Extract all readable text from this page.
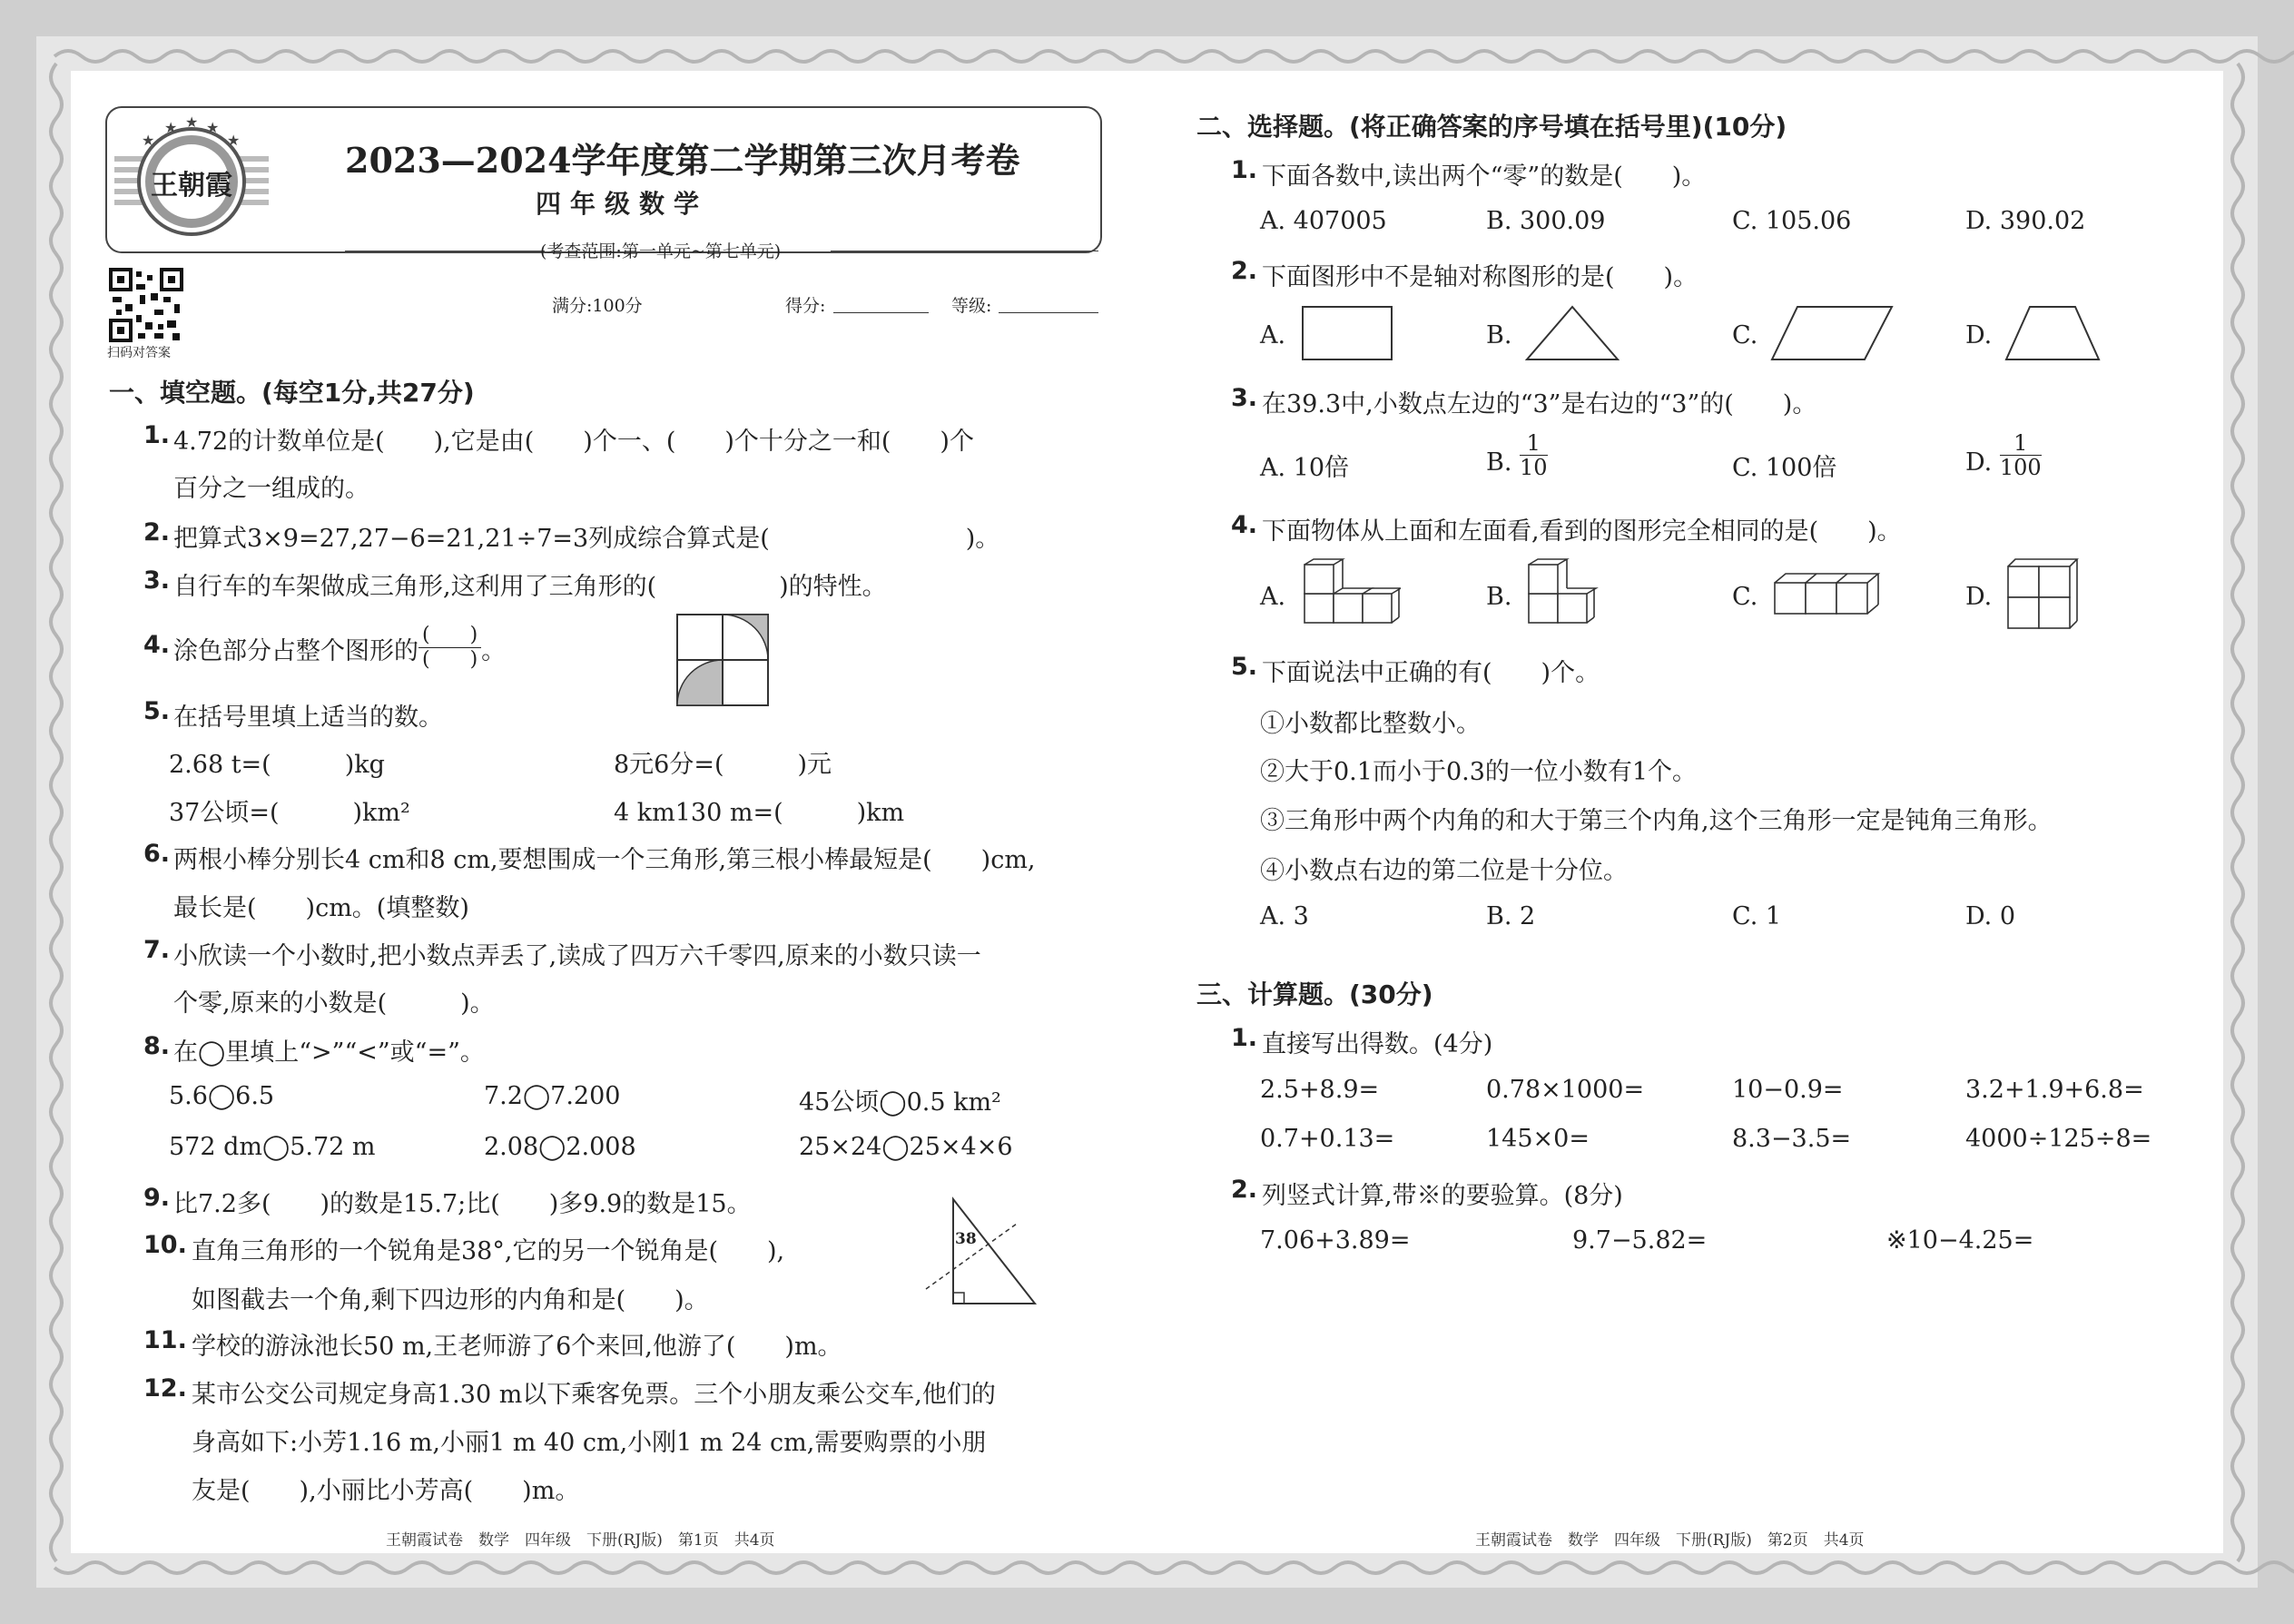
★
★ ★ ★
★
王朝霞
2023—2024学年度第二学期第三次月考卷
四年级数学
(考查范围:第一单元~第七单元)
扫码对答案
满分:100分	得分:	等级:
一、填空题。(每空1分,共27分)
1. 4.72的计数单位是(　　),它是由(　　)个一、(　　)个十分之一和(　　)个
百分之一组成的。
2. 把算式3×9=27,27−6=21,21÷7=3列成综合算式是(　　　　　　　　)。
3. 自行车的车架做成三角形,这利用了三角形的(　　　　　)的特性。
4. 涂色部分占整个图形的 $\frac{( )}{( )}$ 。
5. 在括号里填上适当的数。
2.68 t=(　　　)kg	8元6分=(　　　)元
37公顷=(　　　)km²	4 km130 m=(　　　)km
6. 两根小棒分别长4 cm和8 cm,要想围成一个三角形,第三根小棒最短是(　　)cm,
最长是(　　)cm。(填整数)
7. 小欣读一个小数时,把小数点弄丢了,读成了四万六千零四,原来的小数只读一
个零,原来的小数是(　　　)。
8. 在◯里填上“>”“<”或“=”。
5.6◯6.5	7.2◯7.200	45公顷◯0.5 km²
572 dm◯5.72 m	2.08◯2.008	25×24◯25×4×6
9. 比7.2多(　　)的数是15.7;比(　　)多9.9的数是15。
10. 直角三角形的一个锐角是38°,它的另一个锐角是(　　),
如图截去一个角,剩下四边形的内角和是(　　)。
38
11. 学校的游泳池长50 m,王老师游了6个来回,他游了(　　)m。
12. 某市公交公司规定身高1.30 m以下乘客免票。三个小朋友乘公交车,他们的
身高如下:小芳1.16 m,小丽1 m 40 cm,小刚1 m 24 cm,需要购票的小朋
友是(　　),小丽比小芳高(　　)m。
王朝霞试卷　数学　四年级　下册(RJ版)　第1页　共4页
二、选择题。(将正确答案的序号填在括号里)(10分)
1. 下面各数中,读出两个“零”的数是(　　)。
A. 407005	B. 300.09	C. 105.06	D. 390.02
2. 下面图形中不是轴对称图形的是(　　)。
A.	B.	C.	D.
3. 在39.3中,小数点左边的“3”是右边的“3”的(　　)。
A. 10倍	B. $\frac{1}{10}$	C. 100倍	D. $\frac{1}{100}$
4. 下面物体从上面和左面看,看到的图形完全相同的是(　　)。
A.	B.	C.	D.
5. 下面说法中正确的有(　　)个。
①小数都比整数小。
②大于0.1而小于0.3的一位小数有1个。
③三角形中两个内角的和大于第三个内角,这个三角形一定是钝角三角形。
④小数点右边的第二位是十分位。
A. 3	B. 2	C. 1	D. 0
三、计算题。(30分)
1. 直接写出得数。(4分)
2.5+8.9=	0.78×1000=	10−0.9=	3.2+1.9+6.8=
0.7+0.13=	145×0=	8.3−3.5=	4000÷125÷8=
2. 列竖式计算,带※的要验算。(8分)
7.06+3.89=	9.7−5.82=	※10−4.25=
王朝霞试卷　数学　四年级　下册(RJ版)　第2页　共4页
